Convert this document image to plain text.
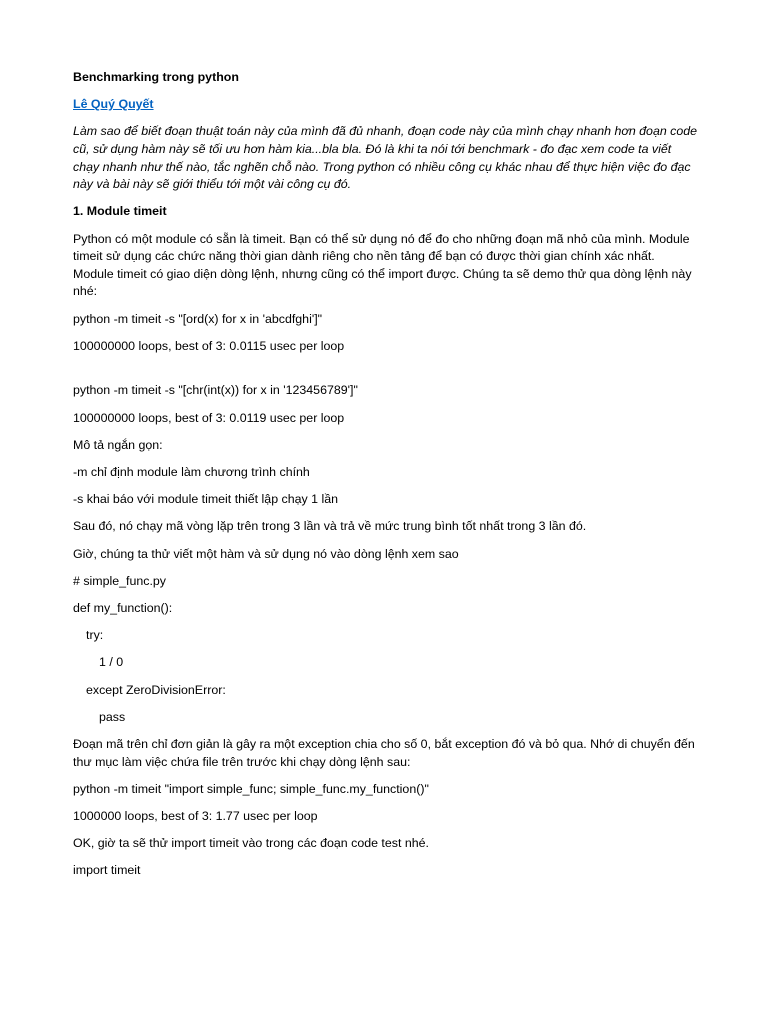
Benchmarking trong python

Lê Quý Quyết

Làm sao để biết đoạn thuật toán này của mình đã đủ nhanh, đoạn code này của mình chạy nhanh hơn đoạn code cũ, sử dụng hàm này sẽ tối ưu hơn hàm kia...bla bla. Đó là khi ta nói tới benchmark - đo đạc xem code ta viết chạy nhanh như thế nào, tắc nghẽn chỗ nào. Trong python có nhiều công cụ khác nhau để thực hiện việc đo đạc này và bài này sẽ giới thiểu tới một vài công cụ đó.

1. Module timeit

Python có một module có sẵn là timeit. Bạn có thể sử dụng nó để đo cho những đoạn mã nhỏ của mình. Module timeit sử dụng các chức năng thời gian dành riêng cho nền tảng để bạn có được thời gian chính xác nhất. Module timeit có giao diện dòng lệnh, nhưng cũng có thể import được. Chúng ta sẽ demo thử qua dòng lệnh này nhé:

python -m timeit -s "[ord(x) for x in 'abcdfghi']"

100000000 loops, best of 3: 0.0115 usec per loop

python -m timeit -s "[chr(int(x)) for x in '123456789']"

100000000 loops, best of 3: 0.0119 usec per loop

Mô tả ngắn gọn:

-m chỉ định module làm chương trình chính

-s khai báo với module timeit thiết lập chạy 1 lần

Sau đó, nó chạy mã vòng lặp trên trong 3 lần và trả về mức trung bình tốt nhất trong 3 lần đó.

Giờ, chúng ta thử viết một hàm và sử dụng nó vào dòng lệnh xem sao

# simple_func.py

def my_function():

try:

1 / 0

except ZeroDivisionError:

pass

Đoạn mã trên chỉ đơn giản là gây ra một exception chia cho số 0, bắt exception đó và bỏ qua. Nhớ di chuyển đến thư mục làm việc chứa file trên trước khi chạy dòng lệnh sau:

python -m timeit "import simple_func; simple_func.my_function()"

1000000 loops, best of 3: 1.77 usec per loop

OK, giờ ta sẽ thử import timeit vào trong các đoạn code test nhé.

import timeit
